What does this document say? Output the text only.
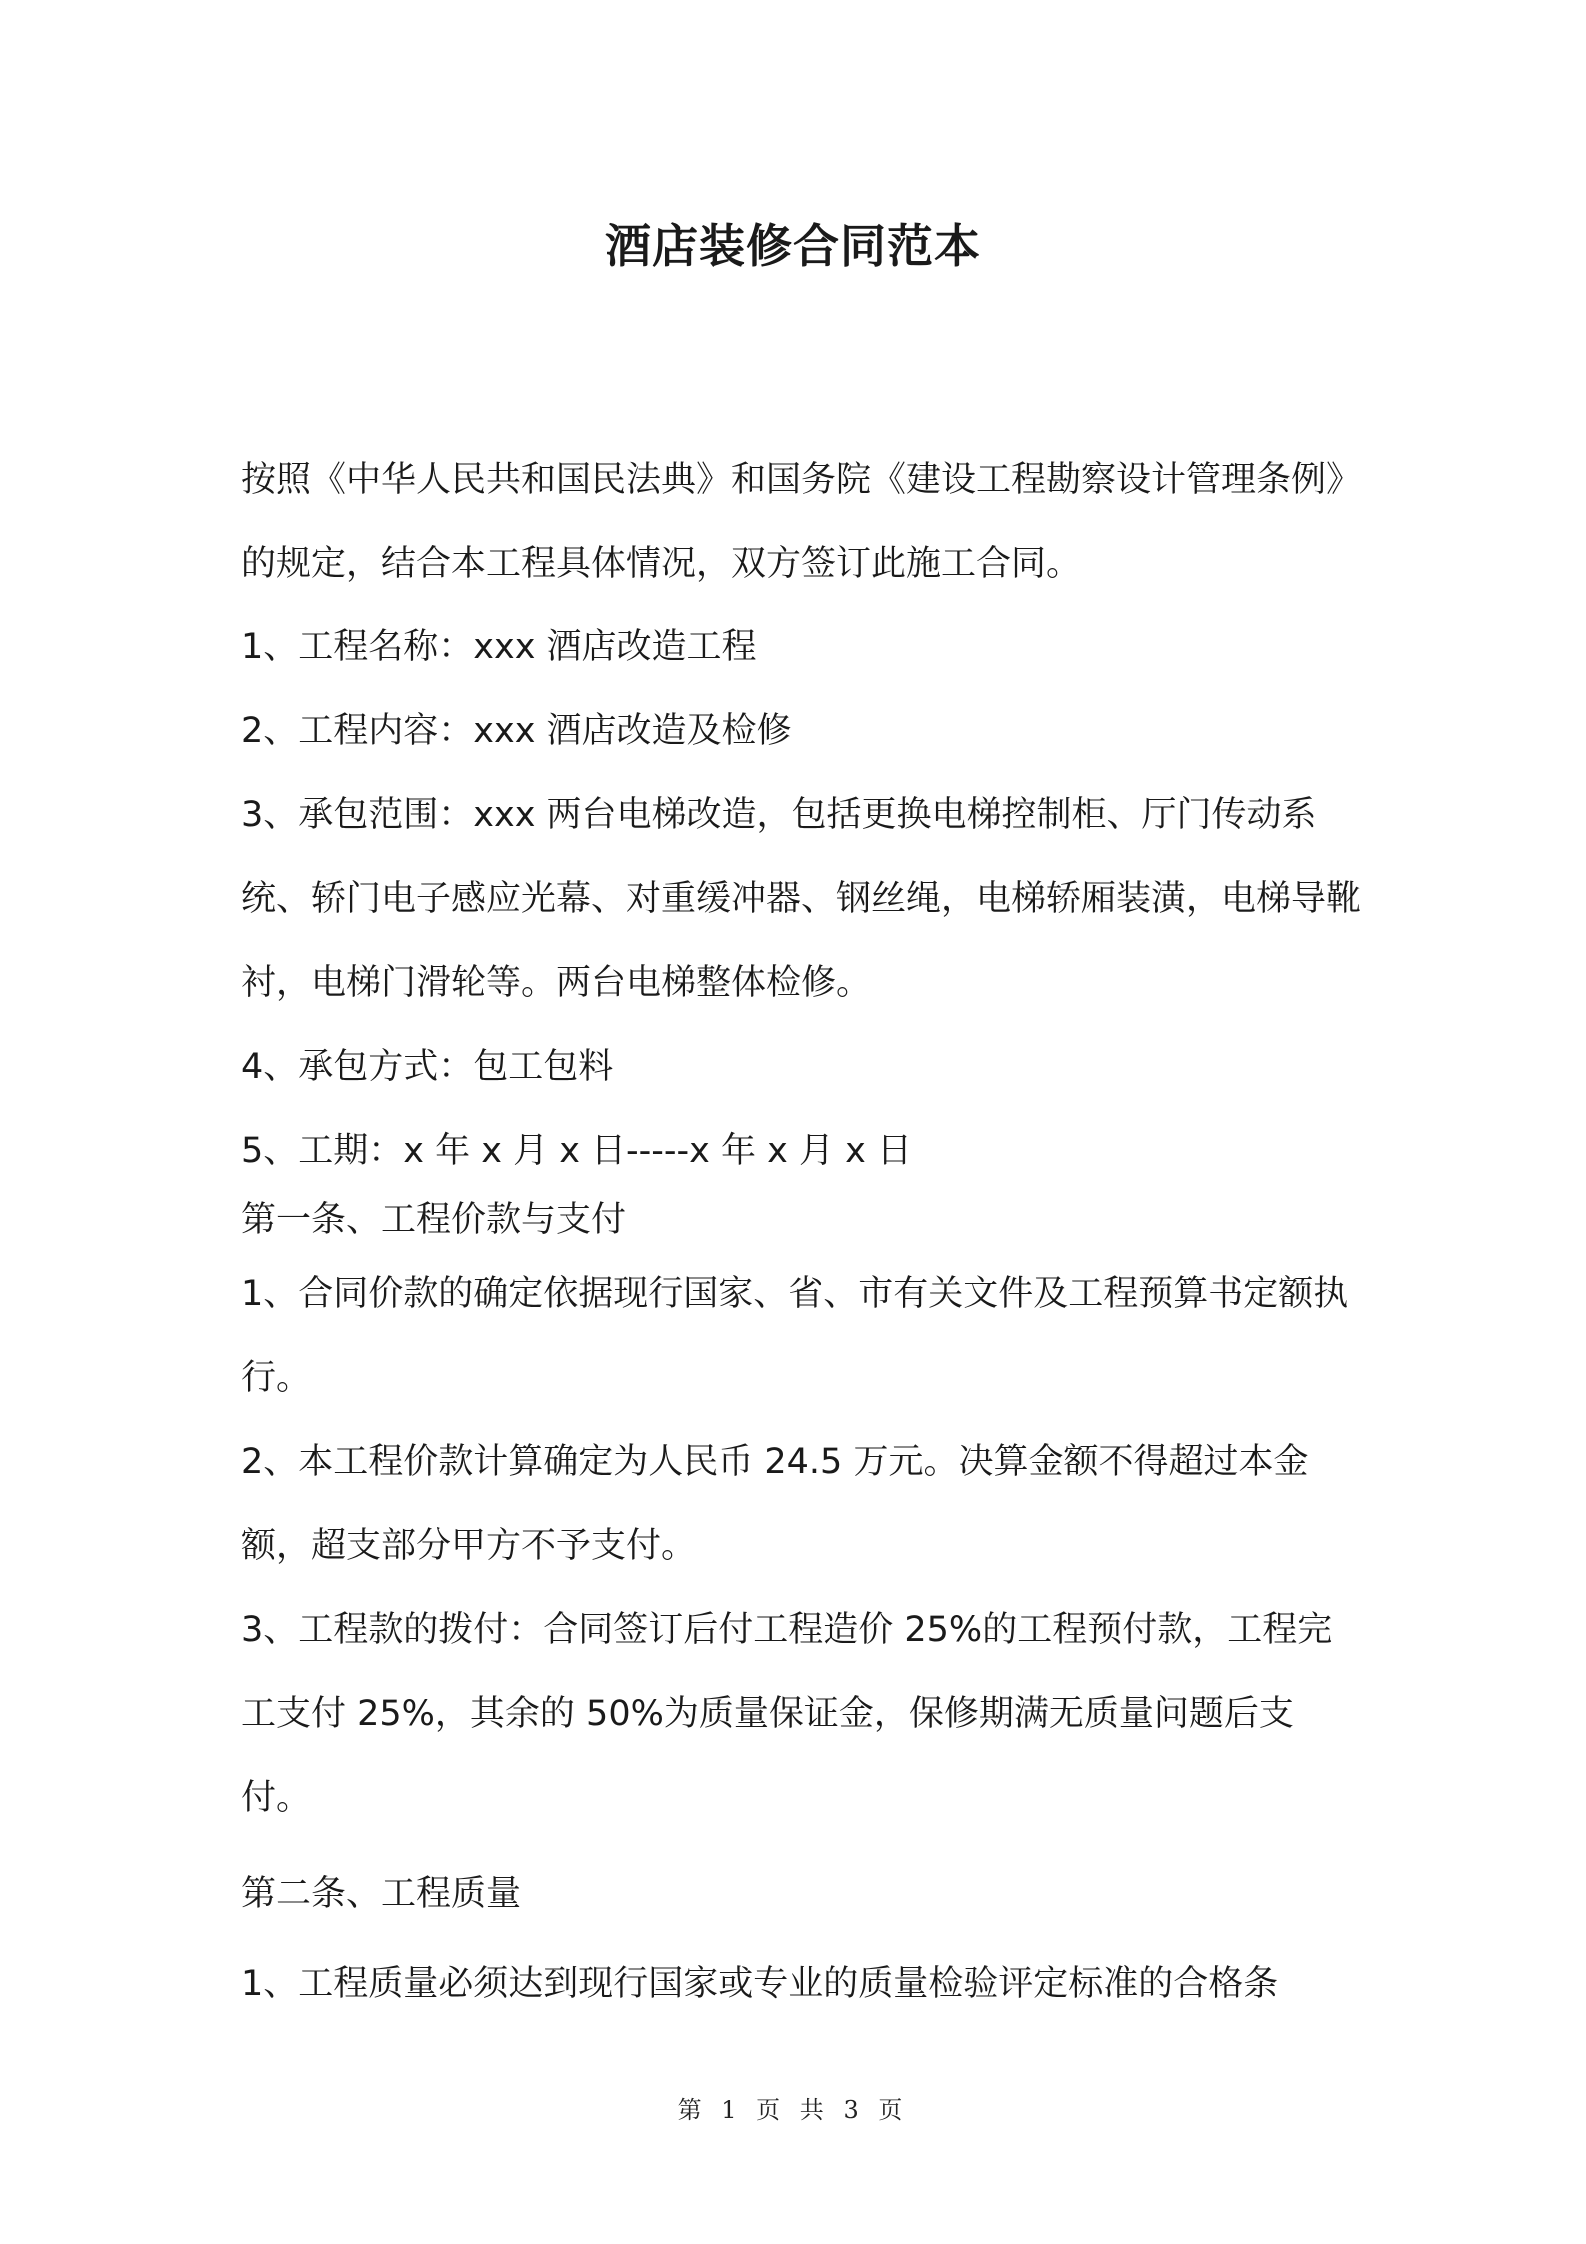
酒店装修合同范本

按照《中华人民共和国民法典》和国务院《建设工程勘察设计管理条例》的规定，结合本工程具体情况，双方签订此施工合同。

1、工程名称：xxx 酒店改造工程

2、工程内容：xxx 酒店改造及检修

3、承包范围：xxx 两台电梯改造，包括更换电梯控制柜、厅门传动系统、轿门电子感应光幕、对重缓冲器、钢丝绳，电梯轿厢装潢，电梯导靴衬，电梯门滑轮等。两台电梯整体检修。

4、承包方式：包工包料

5、工期：x 年 x 月 x 日-----x 年 x 月 x 日

第一条、工程价款与支付

1、合同价款的确定依据现行国家、省、市有关文件及工程预算书定额执行。

2、本工程价款计算确定为人民币 24.5 万元。决算金额不得超过本金额，超支部分甲方不予支付。

3、工程款的拨付：合同签订后付工程造价 25%的工程预付款，工程完工支付 25%，其余的 50%为质量保证金，保修期满无质量问题后支付。

第二条、工程质量

1、工程质量必须达到现行国家或专业的质量检验评定标准的合格条

第 1 页 共 3 页
